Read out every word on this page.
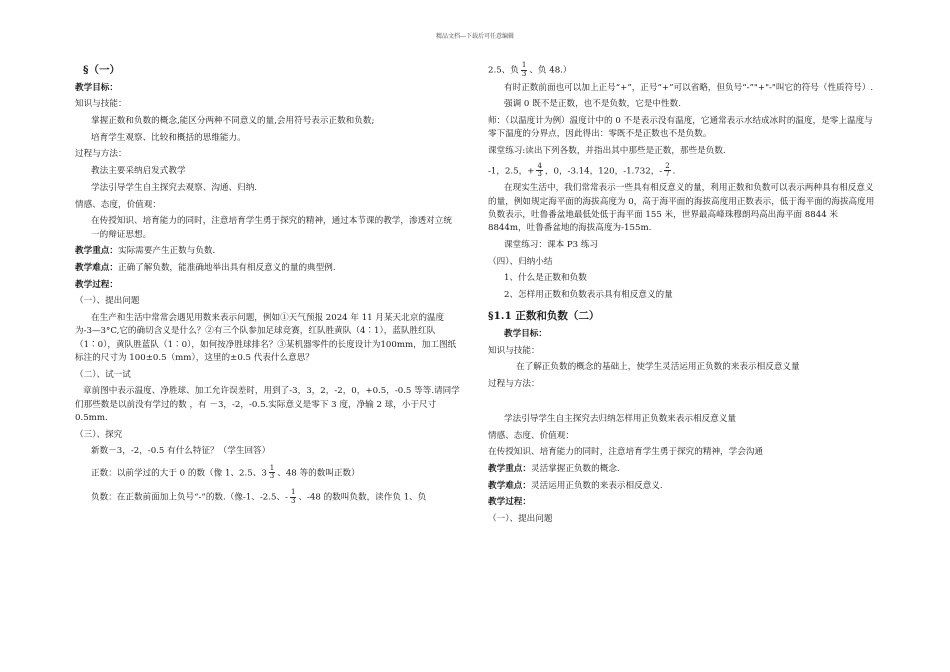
精品文档---下载后可任意编辑
§（一）
教学目标：
知识与技能：
掌握正数和负数的概念,能区分两种不同意义的量,会用符号表示正数和负数;
培育学生观察、比较和概括的思维能力。
过程与方法：
教法主要采纳启发式教学
学法引导学生自主探究去观察、沟通、归纳.
情感、态度，价值观：
在传授知识、培育能力的同时，注意培育学生勇于探究的精神，通过本节课的教学，渗透对立统一的辩证思想。
教学重点：实际需要产生正数与负数.
教学难点：正确了解负数，能准确地举出具有相反意义的量的典型例.
教学过程：
（一）、提出问题
在生产和生活中常常会遇见用数来表示问题，例如①天气预报 2024 年 11 月某天北京的温度为-3—3°C,它的确切含义是什么？②有三个队参加足球竞赛，红队胜黄队（4∶1），蓝队胜红队（1∶0），黄队胜蓝队（1∶0），如何按净胜球排名？③某机器零件的长度设计为100mm，加工图纸标注的尺寸为 100±0.5（mm），这里的±0.5 代表什么意思？
（二）、试一试
章前图中表示温度、净胜球、加工允许误差时，用到了-3，3，2，-2，0，+0.5，-0.5 等等.请同学们那些数是以前没有学过的数 ，有 －3，-2，-0.5.实际意义是零下 3 度，净输 2 球，小于尺寸 0.5mm.
（三）、探究
新数－3，-2，-0.5 有什么特征？（学生回答）
正数：以前学过的大于 0 的数（像 1、2.5、$3 \frac{1}{3}$ 、48 等的数叫正数）
负数：在正数前面加上负号“-”的数.（像-1、-2.5、- $\frac{1}{3}$ 、-48 的数叫负数，读作负 1、负
2.5、负 $\frac{1}{3}$ 、负 48.）
有时正数前面也可以加上正号“+”，正号“+”可以省略，但负号“-”"+"-"叫它的符号（性质符号）.
强调 0 既不是正数，也不是负数，它是中性数.
师：（以温度计为例）温度计中的 0 不是表示没有温度，它通常表示水结成冰时的温度，是零上温度与零下温度的分界点，因此得出：零既不是正数也不是负数。
课堂练习:读出下列各数，并指出其中那些是正数，那些是负数.
-1，2.5，+ $\frac{4}{3}$ ，0，-3.14，120，-1.732，- $\frac{2}{7}$ .
在现实生活中，我们常常表示一些具有相反意义的量，利用正数和负数可以表示两种具有相反意义的量，例如规定海平面的海拔高度为 0，高于海平面的海拔高度用正数表示，低于海平面的海拔高度用负数表示，吐鲁番盆地最低处低于海平面 155 米，世界最高峰珠穆朗玛高出海平面 8844 米 8844m，吐鲁番盆地的海拔高度为-155m.
课堂练习：课本 P3 练习
（四）、归纳小结
1、什么是正数和负数
2、怎样用正数和负数表示具有相反意义的量
§1.1 正数和负数（二）
教学目标：
知识与技能：
在了解正负数的概念的基础上，使学生灵活运用正负数的来表示相反意义量
过程与方法：
学法引导学生自主探究去归纳怎样用正负数来表示相反意义量
情感、态度、价值观：
在传授知识、培育能力的同时，注意培育学生勇于探究的精神，学会沟通
教学重点：灵活掌握正负数的概念.
教学难点：灵活运用正负数的来表示相反意义.
教学过程：
（一）、提出问题
